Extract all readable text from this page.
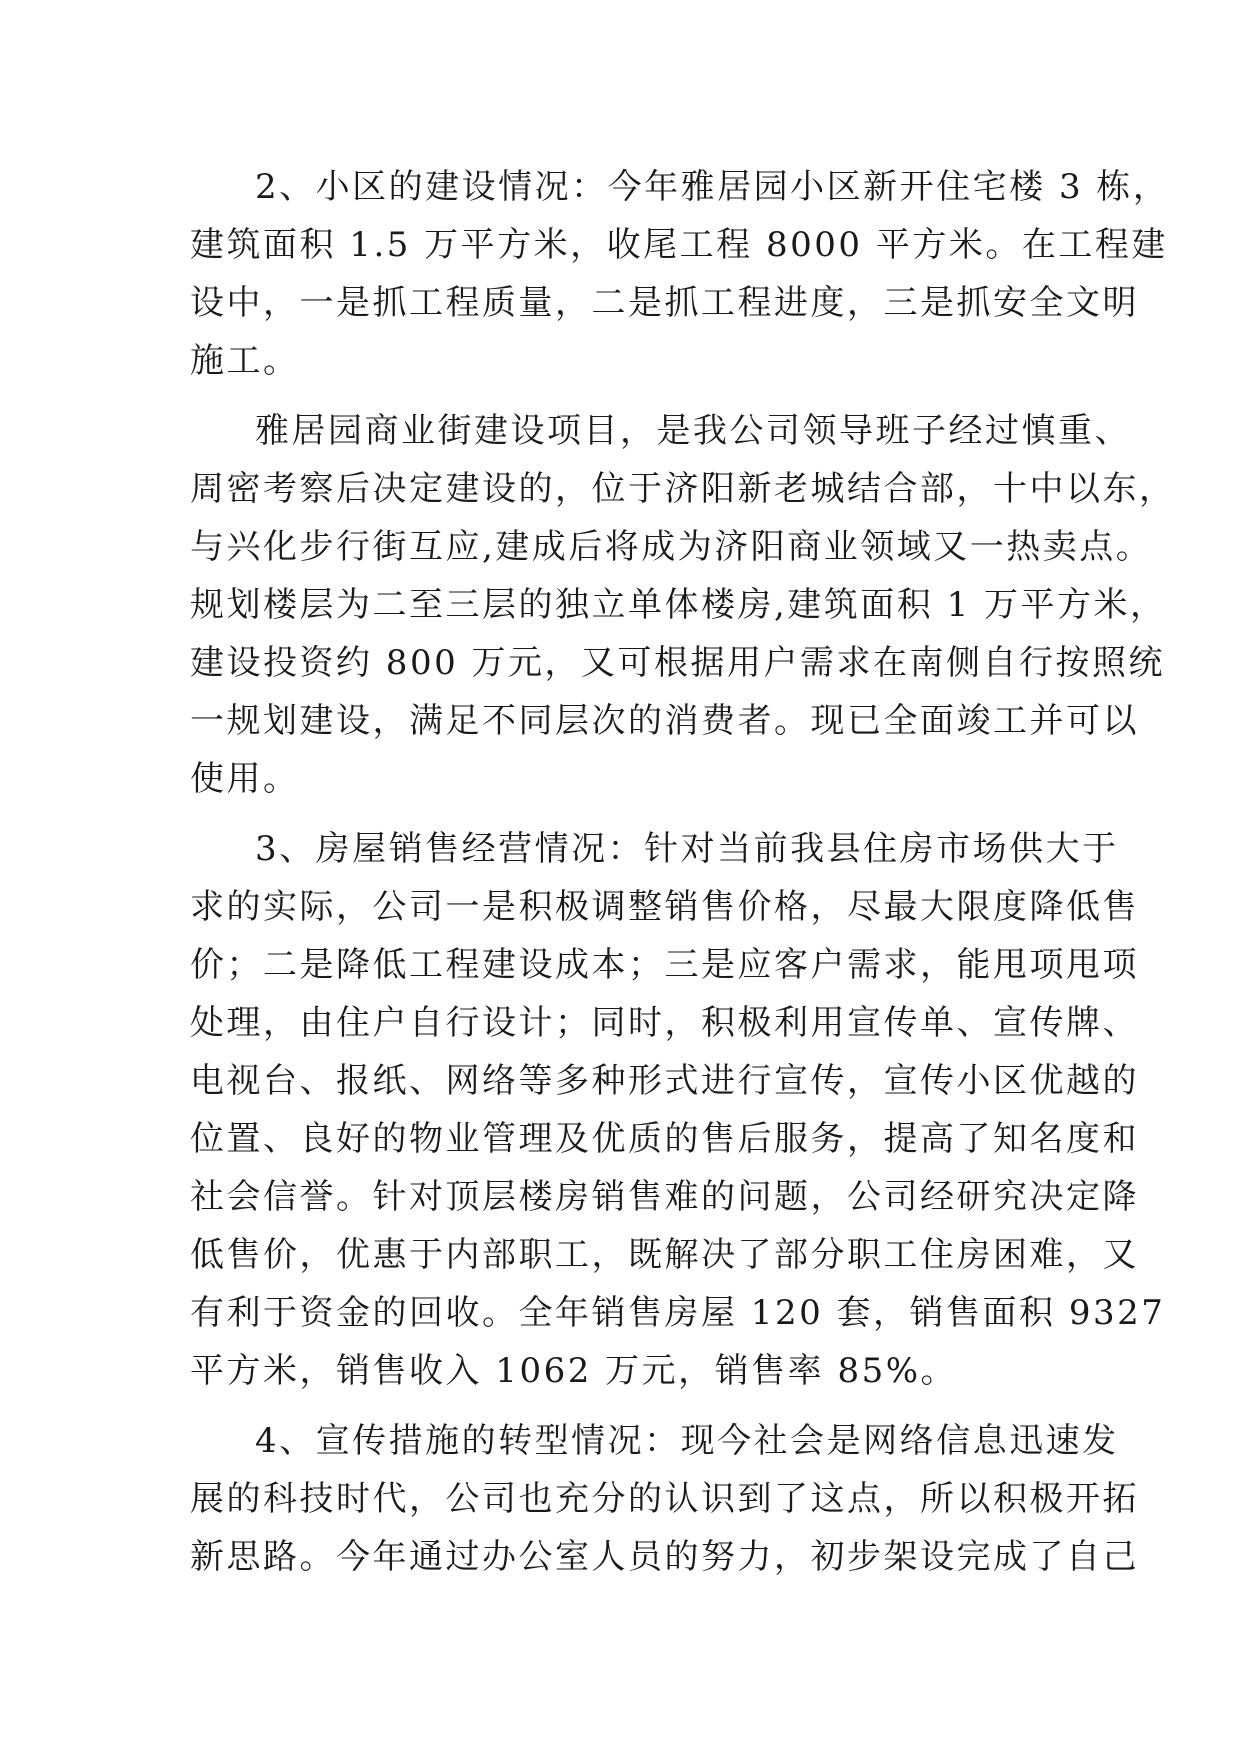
2、小区的建设情况：今年雅居园小区新开住宅楼 3 栋，
建筑面积 1.5 万平方米，收尾工程 8000 平方米。在工程建
设中，一是抓工程质量，二是抓工程进度，三是抓安全文明
施工。
雅居园商业街建设项目，是我公司领导班子经过慎重、
周密考察后决定建设的，位于济阳新老城结合部，十中以东，
与兴化步行街互应,建成后将成为济阳商业领域又一热卖点。
规划楼层为二至三层的独立单体楼房,建筑面积 1 万平方米，
建设投资约 800 万元，又可根据用户需求在南侧自行按照统
一规划建设，满足不同层次的消费者。现已全面竣工并可以
使用。
3、房屋销售经营情况：针对当前我县住房市场供大于
求的实际，公司一是积极调整销售价格，尽最大限度降低售
价；二是降低工程建设成本；三是应客户需求，能甩项甩项
处理，由住户自行设计；同时，积极利用宣传单、宣传牌、
电视台、报纸、网络等多种形式进行宣传，宣传小区优越的
位置、良好的物业管理及优质的售后服务，提高了知名度和
社会信誉。针对顶层楼房销售难的问题，公司经研究决定降
低售价，优惠于内部职工，既解决了部分职工住房困难，又
有利于资金的回收。全年销售房屋 120 套，销售面积 9327
平方米，销售收入 1062 万元，销售率 85%。
4、宣传措施的转型情况：现今社会是网络信息迅速发
展的科技时代，公司也充分的认识到了这点，所以积极开拓
新思路。今年通过办公室人员的努力，初步架设完成了自己
